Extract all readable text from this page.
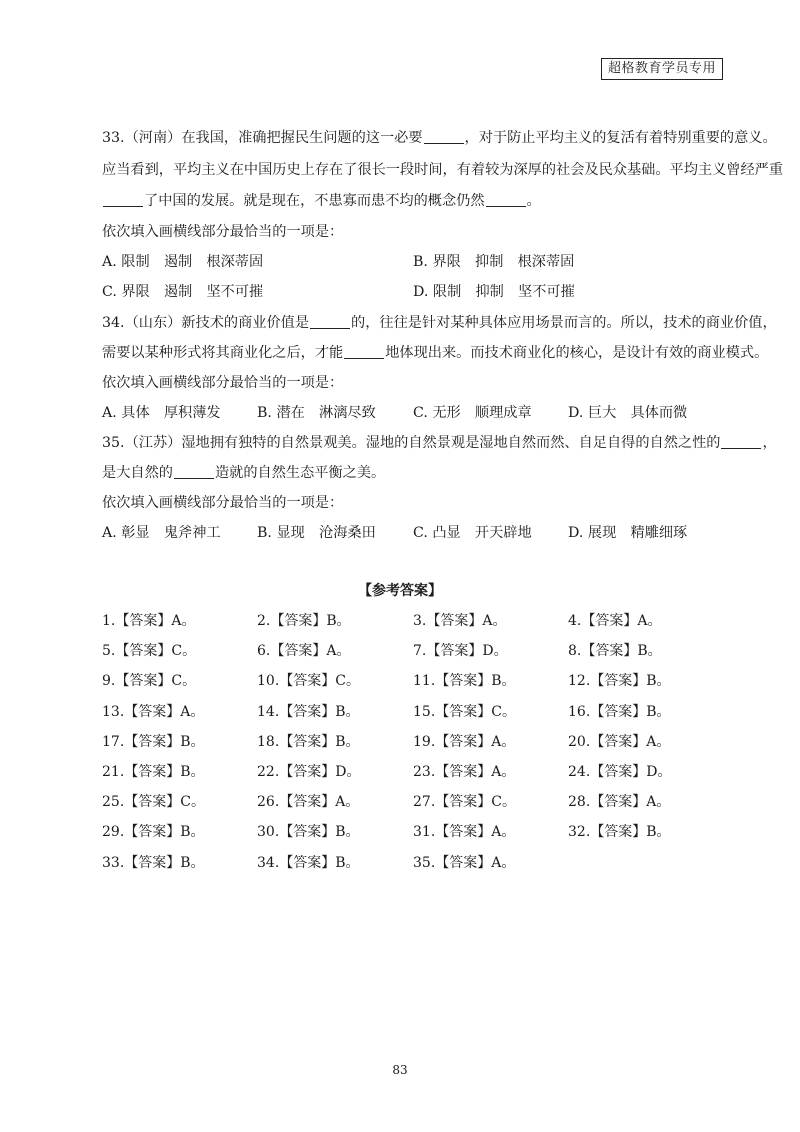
超格教育学员专用
33.（河南）在我国，准确把握民生问题的这一必要	，对于防止平均主义的复活有着特别重要的意义。
应当看到，平均主义在中国历史上存在了很长一段时间，有着较为深厚的社会及民众基础。平均主义曾经严重
了中国的发展。就是现在，不患寡而患不均的概念仍然	。
依次填入画横线部分最恰当的一项是：
A. 限制　遏制　根深蒂固	B. 界限　抑制　根深蒂固
C. 界限　遏制　坚不可摧	D. 限制　抑制　坚不可摧
34.（山东）新技术的商业价值是	的，往往是针对某种具体应用场景而言的。所以，技术的商业价值，
需要以某种形式将其商业化之后，才能	地体现出来。而技术商业化的核心，是设计有效的商业模式。
依次填入画横线部分最恰当的一项是：
A. 具体　厚积薄发	B. 潜在　淋漓尽致	C. 无形　顺理成章	D. 巨大　具体而微
35.（江苏）湿地拥有独特的自然景观美。湿地的自然景观是湿地自然而然、自足自得的自然之性的	，
是大自然的	造就的自然生态平衡之美。
依次填入画横线部分最恰当的一项是：
A. 彰显　鬼斧神工	B. 显现　沧海桑田	C. 凸显　开天辟地	D. 展现　精雕细琢
【参考答案】
1.【答案】A。	2.【答案】B。	3.【答案】A。	4.【答案】A。
5.【答案】C。	6.【答案】A。	7.【答案】D。	8.【答案】B。
9.【答案】C。	10.【答案】C。	11.【答案】B。	12.【答案】B。
13.【答案】A。	14.【答案】B。	15.【答案】C。	16.【答案】B。
17.【答案】B。	18.【答案】B。	19.【答案】A。	20.【答案】A。
21.【答案】B。	22.【答案】D。	23.【答案】A。	24.【答案】D。
25.【答案】C。	26.【答案】A。	27.【答案】C。	28.【答案】A。
29.【答案】B。	30.【答案】B。	31.【答案】A。	32.【答案】B。
33.【答案】B。	34.【答案】B。	35.【答案】A。
83
